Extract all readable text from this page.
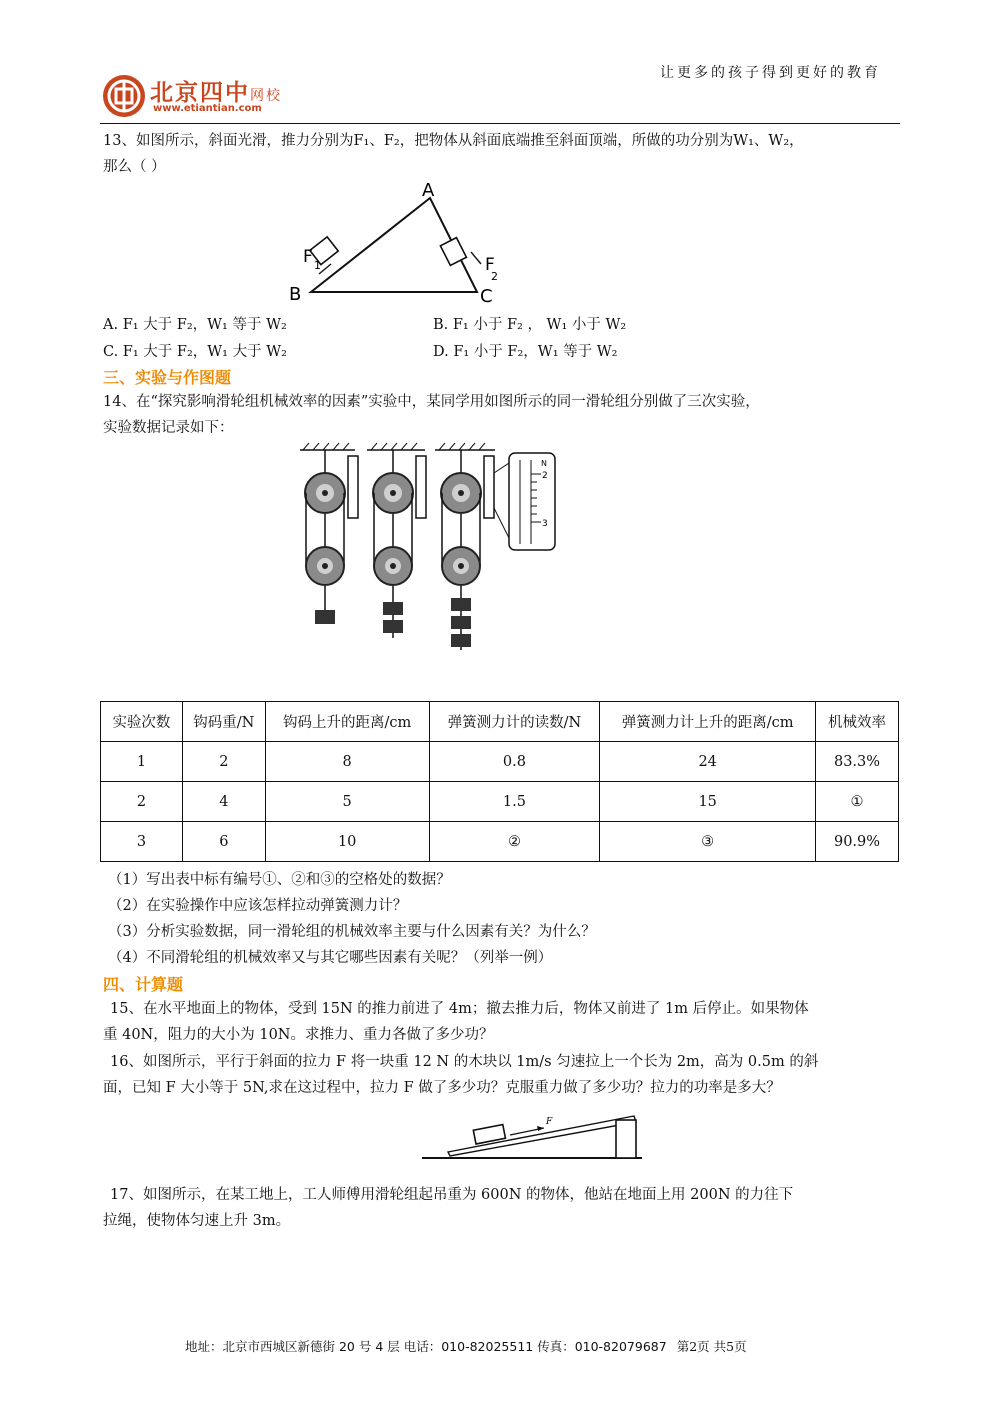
让更多的孩子得到更好的教育
北京四中网校
www.etiantian.com
13、如图所示，斜面光滑，推力分别为F₁、F₂，把物体从斜面底端推至斜面顶端，所做的功分别为W₁、W₂，
那么（ ）
A
B	C
F 1	F
2
A. F₁ 大于 F₂，W₁ 等于 W₂	B. F₁ 小于 F₂ ， W₁ 小于 W₂
C. F₁ 大于 F₂，W₁ 大于 W₂	D. F₁ 小于 F₂，W₁ 等于 W₂
三、实验与作图题
14、在“探究影响滑轮组机械效率的因素”实验中，某同学用如图所示的同一滑轮组分别做了三次实验，
实验数据记录如下：
N
2
3
实验次数	钩码重/N	钩码上升的距离/cm	弹簧测力计的读数/N	弹簧测力计上升的距离/cm	机械效率
1	2	8	0.8	24	83.3%
2	4	5	1.5	15	①
3	6	10	②	③	90.9%
（1）写出表中标有编号①、②和③的空格处的数据？
（2）在实验操作中应该怎样拉动弹簧测力计？
（3）分析实验数据，同一滑轮组的机械效率主要与什么因素有关？为什么？
（4）不同滑轮组的机械效率又与其它哪些因素有关呢？（列举一例）
四、计算题
15、在水平地面上的物体，受到 15N 的推力前进了 4m；撤去推力后，物体又前进了 1m 后停止。如果物体
重 40N，阻力的大小为 10N。求推力、重力各做了多少功？
16、如图所示，平行于斜面的拉力 F 将一块重 12 N 的木块以 1m/s 匀速拉上一个长为 2m，高为 0.5m 的斜
面，已知 F 大小等于 5N,求在这过程中，拉力 F 做了多少功？克服重力做了多少功？拉力的功率是多大？
F
17、如图所示，在某工地上，工人师傅用滑轮组起吊重为 600N 的物体，他站在地面上用 200N 的力往下
拉绳，使物体匀速上升 3m。
地址：北京市西城区新德街 20 号 4 层 电话：010-82025511 传真：010-82079687 第2页 共5页
